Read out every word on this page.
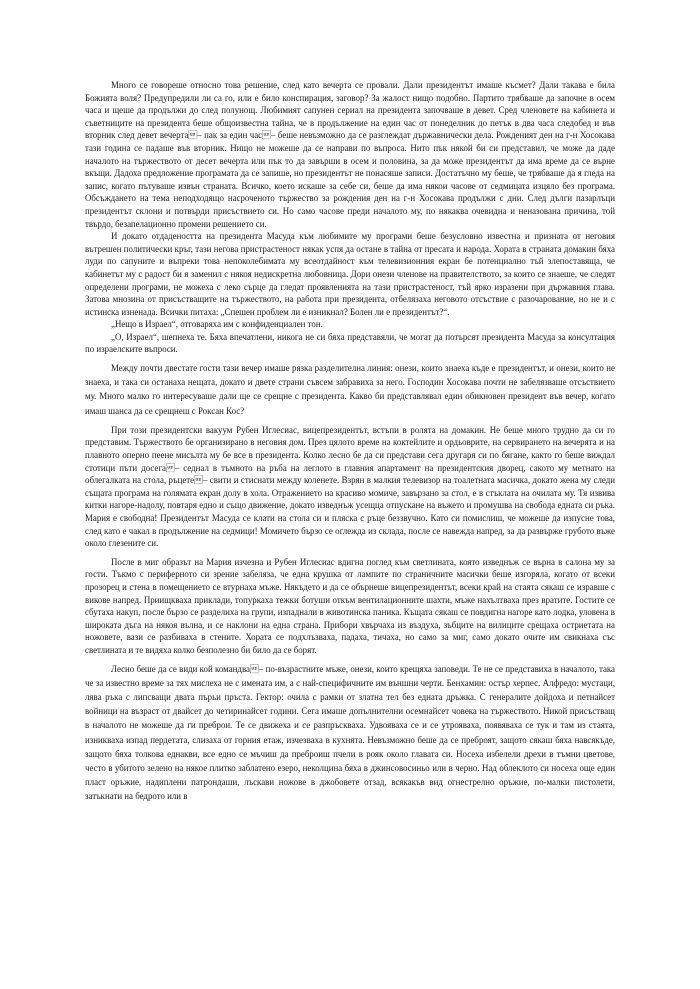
Много се говореше относно това решение, след като вечерта се провали. Дали президентът имаше късмет? Дали такава е била Божията воля? Предупредили ли са го, или е било конспирация, заговор? За жалост нищо подобно. Партито трябваше да започне в осем часа и щеше да продължи до след полунощ. Любимият сапунен сериал на президента започваше в девет. Сред членовете на кабинета и съветниците на президента беше общоизвестна тайна, че в продължение на един час от понеделник до петък в два часа следобед и във вторник след девет вечерта– пак за един час– беше невъзможно да се разглеждат държавнически дела. Рожденият ден на г-н Хосокава тази година се падаше във вторник. Нищо не можеше да се направи по въпроса. Нито пък някой би си представил, че може да даде началото на тържеството от десет вечерта или пък то да завърши в осем и половина, за да може президентът да има време да се върне вкъщи. Дадоха предложение програмата да се запише, но президентът не понасяше записи. Достатъчно му беше, че трябваше да я гледа на запис, когато пътуваше извън страната. Всичко, което искаше за себе си, беше да има някои часове от седмицата изцяло без програма. Обсъждането на тема неподходящо насроченото тържество за рождения ден на г-н Хосокава продължи с дни. След дълги пазарлъци президентът склони и потвърди присъствието си. Но само часове преди началото му, по някаква очевидна и неназована причина, той твърдо, безапелационно промени решението си.

И докато отдадеността на президента Масуда към любимите му програми беше безусловно известна и призната от неговия вътрешен политически кръг, тази негова пристрастеност някак успя да остане в тайна от пресата и народа. Хората в страната домакин бяха луди по сапуните и въпреки това непоколебимата му всеотдайност към телевизионния екран бе потенциално тъй злепоставяща, че кабинетът му с радост би я заменил с някоя недискретна любовница. Дори онези членове на правителството, за които се знаеше, че следят определени програми, не можеха с леко сърце да гледат проявленията на тази пристрастеност, тъй ярко изразени при държавния глава. Затова мнозина от присъстващите на тържеството, на работа при президента, отбелязаха неговото отсъствие с разочарование, но не и с истинска изненада. Всички питаха: „Спешен проблем ли е изникнал? Болен ли е президентът?“.

„Нещо в Израел“, отговаряха им с конфиденциален тон.

„О, Израел“, шепнеха те. Бяха впечатлени, никога не си бяха представяли, че могат да потърсят президента Масуда за консултация по израелските въпроси.

Между почти двестате гости тази вечер имаше рязка разделителна линия: онези, които знаеха къде е президентът, и онези, които не знаеха, и така си останаха нещата, докато и двете страни съвсем забравиха за него. Господин Хосокава почти не забелязваше отсъствието му. Много малко го интересуваше дали ще се срещне с президента. Какво би представлявал един обикновен президент във вечер, когато имаш шанса да се срещнеш с Роксан Кос?

При този президентски вакуум Рубен Иглесиас, вицепрезидентът, встъпи в ролята на домакин. Не беше много трудно да си го представим. Тържеството бе организирано в неговия дом. През цялото време на коктейлите и ордьоврите, на сервирането на вечерята и на плавното оперно пеене мисълта му бе все в президента. Колко лесно бе да си представи сега другаря си по бягане, както го беше виждал стотици пъти досега– седнал в тъмното на ръба на леглото в главния апартамент на президентския дворец, сакото му метнато на облегалката на стола, ръцете– свити и стиснати между коленете. Взрян в малкия телевизор на тоалетната масичка, докато жена му следи същата програма на голямата екран долу в хола. Отражението на красиво момиче, завързано за стол, е в стъклата на очилата му. Тя извива китки нагоре-надолу, повтаря едно и също движение, докато изведнъж усещца отпускане на въжето и промушва на свобода едната си ръка. Мария е свободна! Президентът Масуда се клати на стола си и пляска с ръце беззвучно. Като си помислиш, че можеше да изпусне това, след като е чакал в продължение на седмици! Момичето бързо се оглежда из склада, после се навежда напред, за да развърже грубото въже около глезените си.

После в миг образът на Мария изчезна и Рубен Иглесиас вдигна поглед към светлината, която изведнъж се върна в салона му за гости. Тъкмо с периферното си зрение забеляза, че една крушка от лампите по страничните масички беше изгоряла, когато от всеки прозорец и стена в помещението се втурнаха мъже. Някъдето и да се обърнеше вицепрезидентът, всеки край на стаята сякаш се изравше с викове напред. Приищкваха приклади, топуркаха тежки ботуши откъм вентилационните шахти, мъже нахълтваха през вратите. Гостите се сбутаха накуп, после бързо се разделиха на групи, изпаднали в животинска паника. Къщата сякаш се повдигна нагоре като лодка, уловена в широката дъга на някоя вълна, и се наклони на една страна. Прибори хвърчаха из въздуха, зъбците на вилиците срещаха остриетата на ножовете, вази се разбиваха в стените. Хората се подхлъзваха, падаха, тичаха, но само за миг, само докато очите им свикнаха със светлината и те видяха колко безполезно би било да се борят.

Лесно беше да се види кой командва– по-възрастните мъже, онези, които крещяха заповеди. Те не се представиха в началото, така че за известно време за тях мислеха не с имената им, а с най-специфичните им външни черти. Бенхамин: остър херпес. Алфредо: мустаци, лява ръка с липсващи двата пърьи пръста. Гектор: очила с рамки от златна тел без едната дръжка. С генералите дойдоха и петнайсет войници на възраст от двайсет до четиринайсет години. Сега имаше допълнителни осемнайсет човека на тържеството. Никой присъстващ в началото не можеше да ги преброи. Те се движеха и се разпръскваха. Удвояваха се и се утрояваха, появяваха се тук и там из стаята, изникваха изпад пердетата, слизаха от горния етаж, изчезваха в кухнята. Невъзможно беше да се преброят, защото сякаш бяха навсякъде, защото бяха толкова еднакви, все едно се мъчиш да преброиш пчели в рояк около главата си. Носеха избелели дрехи в тъмни цветове, често в убитото зелено на някое плитко заблатено езеро, неколцина бяха в джинсовосиньо или в черно. Над облеклото си носеха още един пласт оръжие, надиплени патрондаши, лъскави ножове в джобовете отзад, всякакъв вид огнестрелно оръжие, по-малки пистолети, затъкнати на бедрото или в
